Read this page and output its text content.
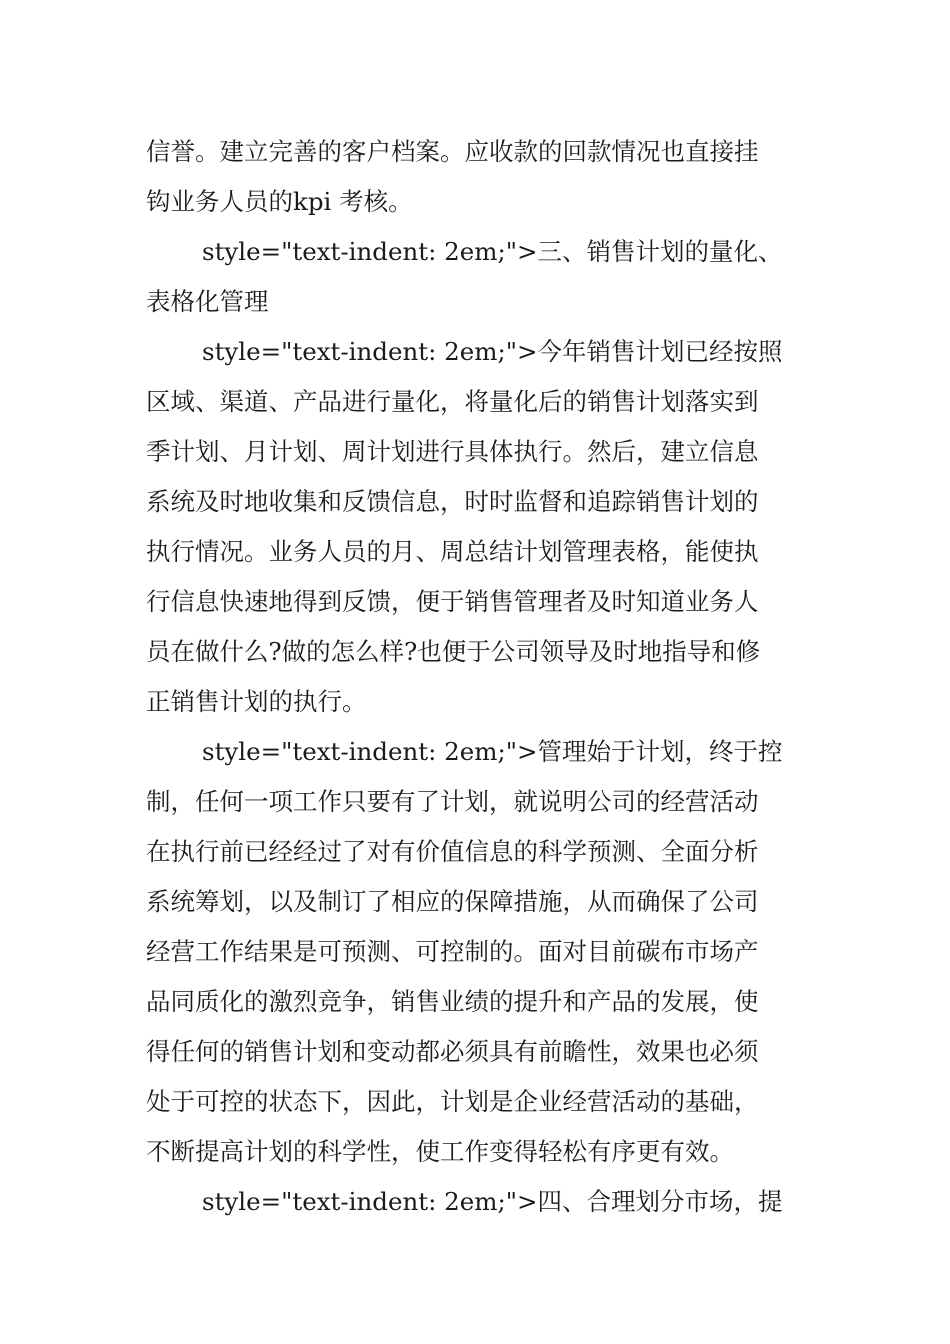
信誉。建立完善的客户档案。应收款的回款情况也直接挂
钩业务人员的kpi 考核。
style="text-indent: 2em;">三、销售计划的量化、
表格化管理
style="text-indent: 2em;">今年销售计划已经按照
区域、渠道、产品进行量化，将量化后的销售计划落实到
季计划、月计划、周计划进行具体执行。然后，建立信息
系统及时地收集和反馈信息，时时监督和追踪销售计划的
执行情况。业务人员的月、周总结计划管理表格，能使执
行信息快速地得到反馈，便于销售管理者及时知道业务人
员在做什么?做的怎么样?也便于公司领导及时地指导和修
正销售计划的执行。
style="text-indent: 2em;">管理始于计划，终于控
制，任何一项工作只要有了计划，就说明公司的经营活动
在执行前已经经过了对有价值信息的科学预测、全面分析
系统筹划，以及制订了相应的保障措施，从而确保了公司
经营工作结果是可预测、可控制的。面对目前碳布市场产
品同质化的激烈竞争，销售业绩的提升和产品的发展，使
得任何的销售计划和变动都必须具有前瞻性，效果也必须
处于可控的状态下，因此，计划是企业经营活动的基础，
不断提高计划的科学性，使工作变得轻松有序更有效。
style="text-indent: 2em;">四、合理划分市场，提
